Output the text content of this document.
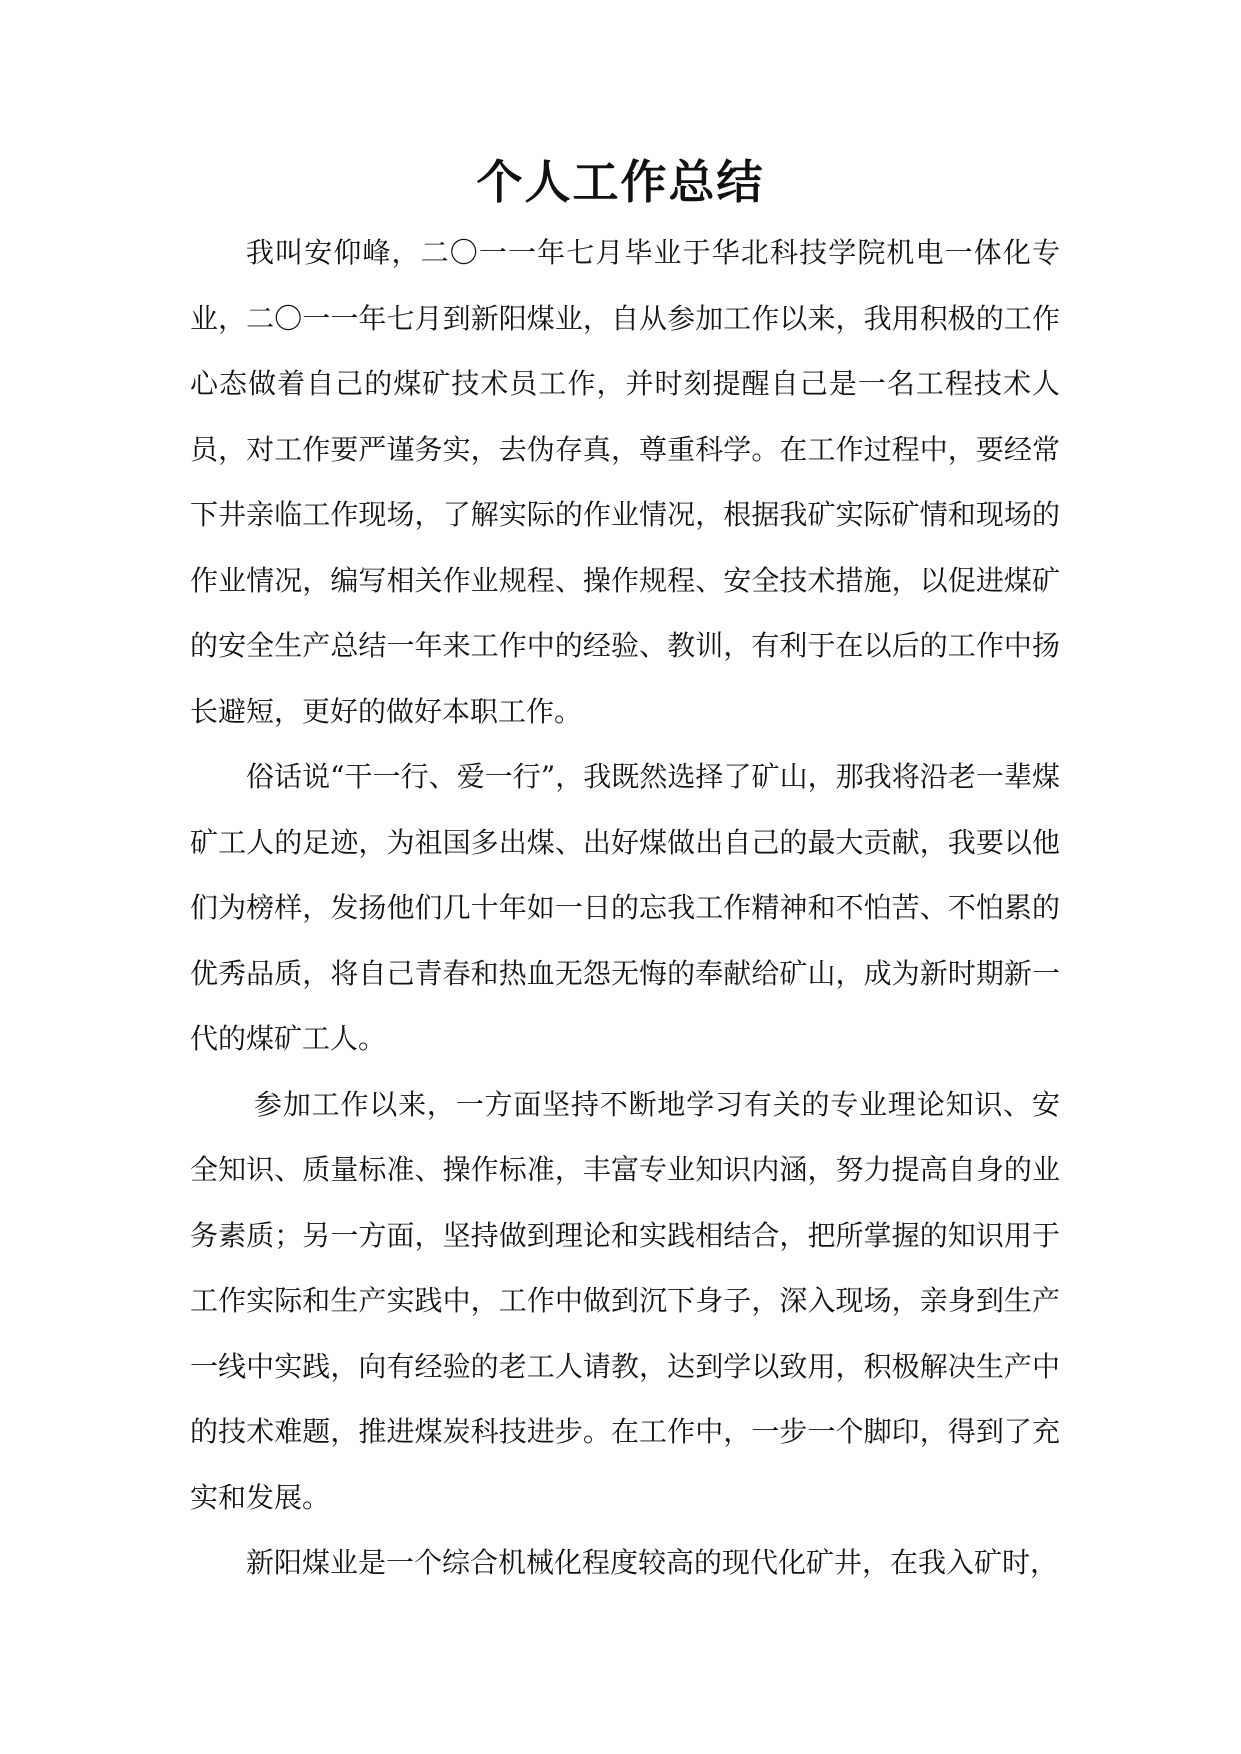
个人工作总结

我叫安仰峰，二〇一一年七月毕业于华北科技学院机电一体化专业，二〇一一年七月到新阳煤业，自从参加工作以来，我用积极的工作心态做着自己的煤矿技术员工作，并时刻提醒自己是一名工程技术人员，对工作要严谨务实，去伪存真，尊重科学。在工作过程中，要经常下井亲临工作现场，了解实际的作业情况，根据我矿实际矿情和现场的作业情况，编写相关作业规程、操作规程、安全技术措施，以促进煤矿的安全生产总结一年来工作中的经验、教训，有利于在以后的工作中扬长避短，更好的做好本职工作。

俗话说“干一行、爱一行”，我既然选择了矿山，那我将沿老一辈煤矿工人的足迹，为祖国多出煤、出好煤做出自己的最大贡献，我要以他们为榜样，发扬他们几十年如一日的忘我工作精神和不怕苦、不怕累的优秀品质，将自己青春和热血无怨无悔的奉献给矿山，成为新时期新一代的煤矿工人。

参加工作以来，一方面坚持不断地学习有关的专业理论知识、安全知识、质量标准、操作标准，丰富专业知识内涵，努力提高自身的业务素质；另一方面，坚持做到理论和实践相结合，把所掌握的知识用于工作实际和生产实践中，工作中做到沉下身子，深入现场，亲身到生产一线中实践，向有经验的老工人请教，达到学以致用，积极解决生产中的技术难题，推进煤炭科技进步。在工作中，一步一个脚印，得到了充实和发展。

新阳煤业是一个综合机械化程度较高的现代化矿井，在我入矿时，
